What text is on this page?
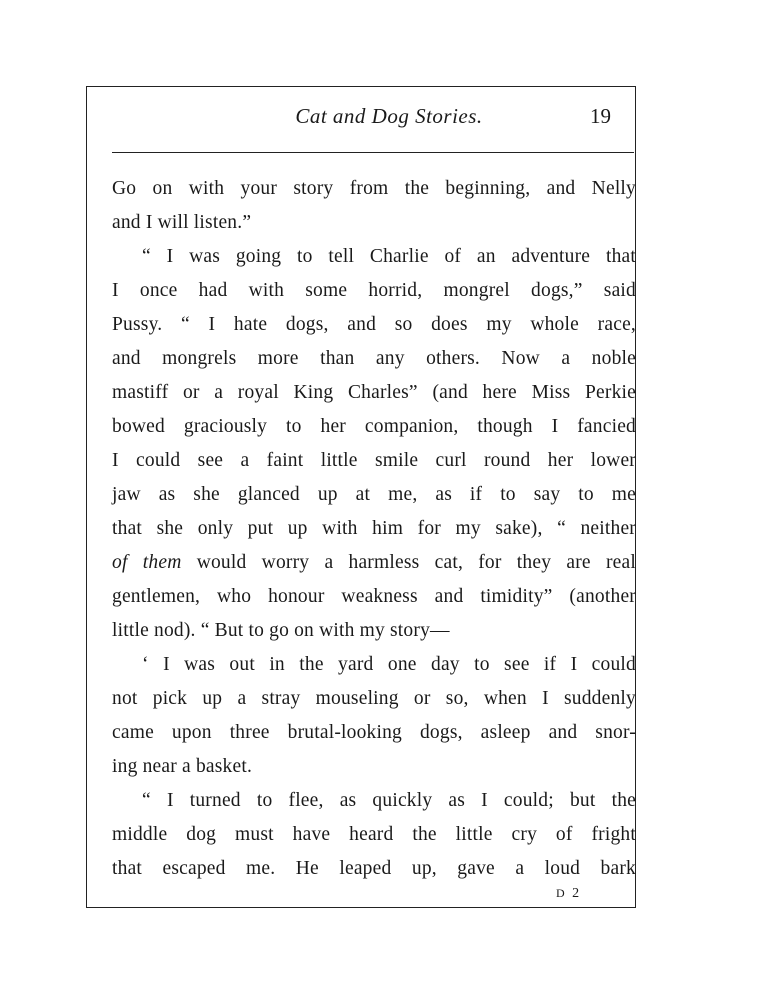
Cat and Dog Stories.	19
Go on with your story from the beginning, and Nelly
and I will listen.”
“ I was going to tell Charlie of an adventure that
I once had with some horrid, mongrel dogs,” said
Pussy. “ I hate dogs, and so does my whole race,
and mongrels more than any others. Now a noble
mastiff or a royal King Charles” (and here Miss Perkie
bowed graciously to her companion, though I fancied
I could see a faint little smile curl round her lower
jaw as she glanced up at me, as if to say to me
that she only put up with him for my sake), “ neither
of them would worry a harmless cat, for they are real
gentlemen, who honour weakness and timidity” (another
little nod). “ But to go on with my story—
‘ I was out in the yard one day to see if I could
not pick up a stray mouseling or so, when I suddenly
came upon three brutal-looking dogs, asleep and snor-
ing near a basket.
“ I turned to flee, as quickly as I could; but the
middle dog must have heard the little cry of fright
that escaped me. He leaped up, gave a loud bark
D 2
